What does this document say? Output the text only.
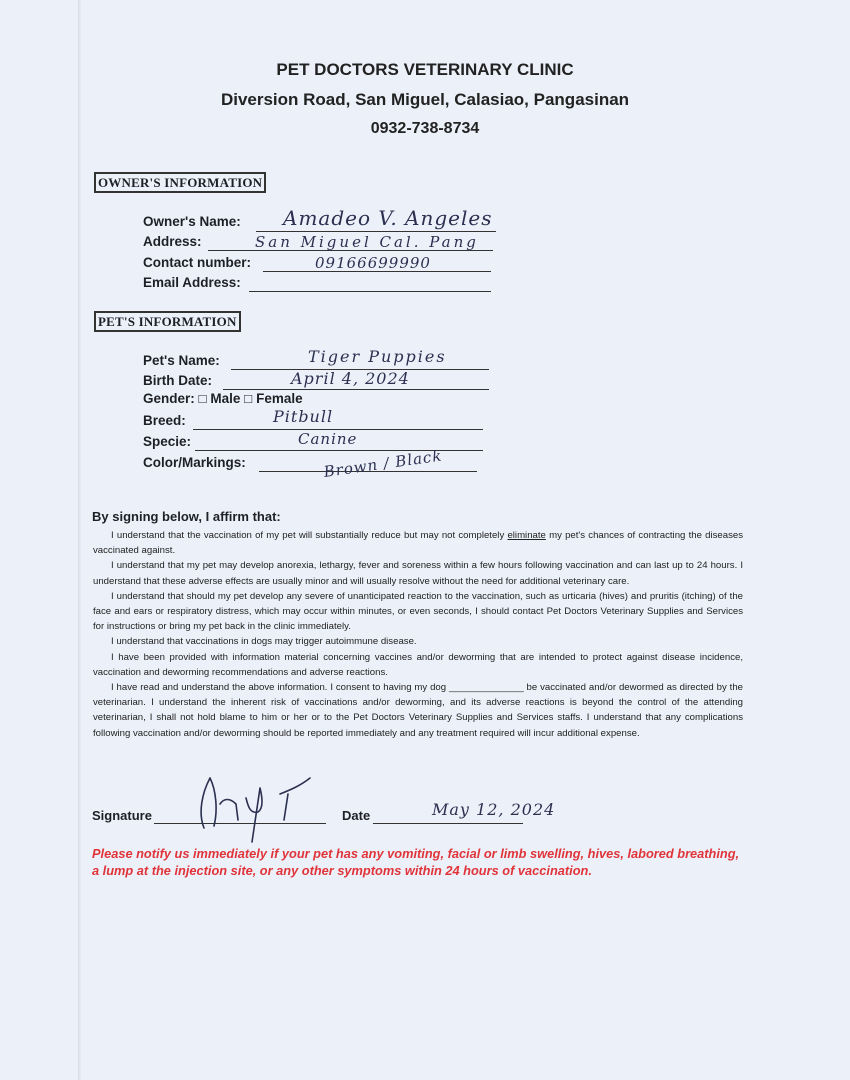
PET DOCTORS VETERINARY CLINIC
Diversion Road, San Miguel, Calasiao, Pangasinan
0932-738-8734
OWNER'S INFORMATION
Owner's Name: Amadeo V. Angeles
Address:	San Miguel Cal. Pang
Contact number:	09166699990
Email Address:
PET'S INFORMATION
Pet's Name:	Tiger Puppies
Birth Date:	April 4, 2024
Gender: □ Male □ Female
Breed:	Pitbull
Specie:	Canine
Color/Markings:	Brown / Black
By signing below, I affirm that:

I understand that the vaccination of my pet will substantially reduce but may not completely eliminate my pet's chances of contracting the diseases vaccinated against.

I understand that my pet may develop anorexia, lethargy, fever and soreness within a few hours following vaccination and can last up to 24 hours. I understand that these adverse effects are usually minor and will usually resolve without the need for additional veterinary care.

I understand that should my pet develop any severe of unanticipated reaction to the vaccination, such as urticaria (hives) and pruritis (itching) of the face and ears or respiratory distress, which may occur within minutes, or even seconds, I should contact Pet Doctors Veterinary Supplies and Services for instructions or bring my pet back in the clinic immediately.

I understand that vaccinations in dogs may trigger autoimmune disease.

I have been provided with information material concerning vaccines and/or deworming that are intended to protect against disease incidence, vaccination and deworming recommendations and adverse reactions.

I have read and understand the above information. I consent to having my dog ______________ be vaccinated and/or dewormed as directed by the veterinarian. I understand the inherent risk of vaccinations and/or deworming, and its adverse reactions is beyond the control of the attending veterinarian, I shall not hold blame to him or her or to the Pet Doctors Veterinary Supplies and Services staffs. I understand that any complications following vaccination and/or deworming should be reported immediately and any treatment required will incur additional expense.

Signature	Date	May 12, 2024
Please notify us immediately if your pet has any vomiting, facial or limb swelling, hives, labored breathing, a lump at the injection site, or any other symptoms within 24 hours of vaccination.
